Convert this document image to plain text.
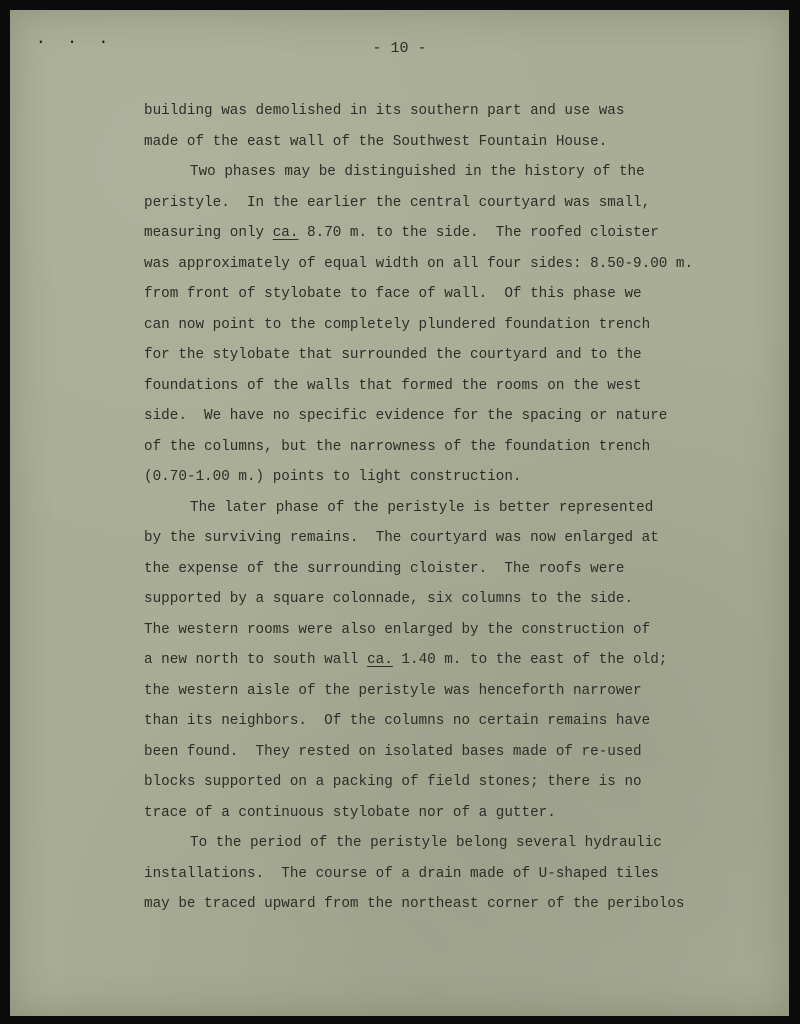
. . .
- 10 -
building was demolished in its southern part and use was
made of the east wall of the Southwest Fountain House.
Two phases may be distinguished in the history of the
peristyle.  In the earlier the central courtyard was small,
measuring only ca. 8.70 m. to the side.  The roofed cloister
was approximately of equal width on all four sides: 8.50-9.00 m.
from front of stylobate to face of wall.  Of this phase we
can now point to the completely plundered foundation trench
for the stylobate that surrounded the courtyard and to the
foundations of the walls that formed the rooms on the west
side.  We have no specific evidence for the spacing or nature
of the columns, but the narrowness of the foundation trench
(0.70-1.00 m.) points to light construction.
The later phase of the peristyle is better represented
by the surviving remains.  The courtyard was now enlarged at
the expense of the surrounding cloister.  The roofs were
supported by a square colonnade, six columns to the side.
The western rooms were also enlarged by the construction of
a new north to south wall ca. 1.40 m. to the east of the old;
the western aisle of the peristyle was henceforth narrower
than its neighbors.  Of the columns no certain remains have
been found.  They rested on isolated bases made of re-used
blocks supported on a packing of field stones; there is no
trace of a continuous stylobate nor of a gutter.
To the period of the peristyle belong several hydraulic
installations.  The course of a drain made of U-shaped tiles
may be traced upward from the northeast corner of the peribolos
